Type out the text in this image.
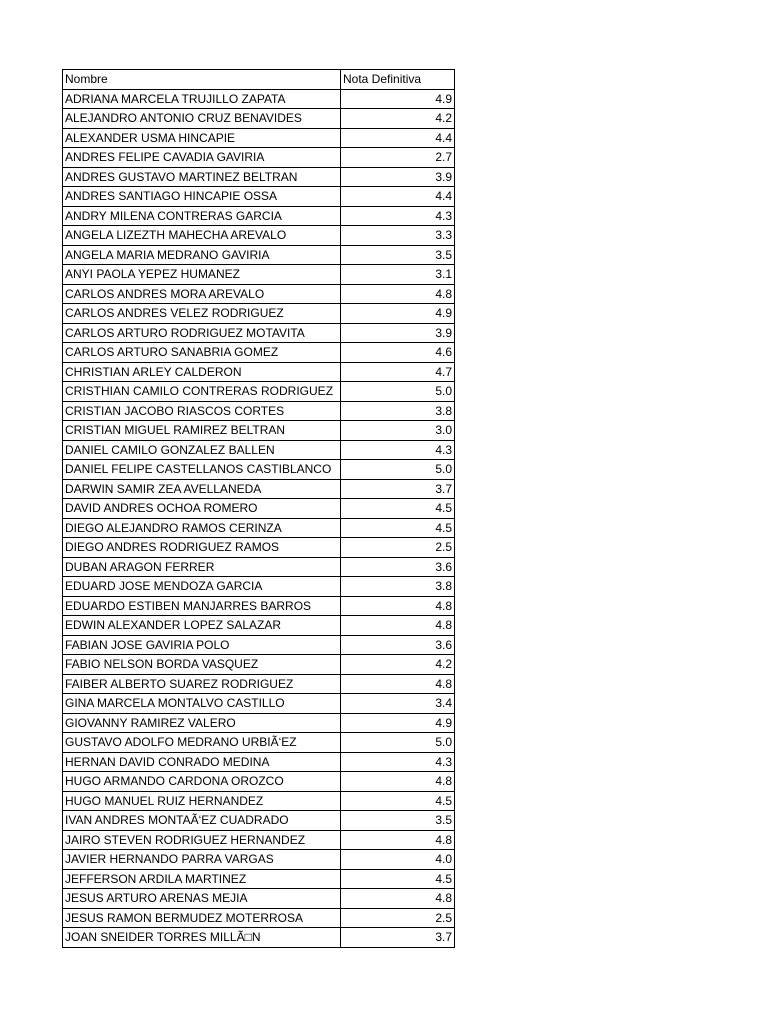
Nombre	Nota Definitiva
ADRIANA MARCELA TRUJILLO ZAPATA	4.9
ALEJANDRO ANTONIO CRUZ BENAVIDES	4.2
ALEXANDER USMA HINCAPIE	4.4
ANDRES FELIPE CAVADIA GAVIRIA	2.7
ANDRES GUSTAVO MARTINEZ BELTRAN	3.9
ANDRES SANTIAGO HINCAPIE OSSA	4.4
ANDRY MILENA CONTRERAS GARCIA	4.3
ANGELA LIZEZTH MAHECHA AREVALO	3.3
ANGELA MARIA MEDRANO GAVIRIA	3.5
ANYI PAOLA YEPEZ HUMANEZ	3.1
CARLOS ANDRES MORA AREVALO	4.8
CARLOS ANDRES VELEZ RODRIGUEZ	4.9
CARLOS ARTURO RODRIGUEZ MOTAVITA	3.9
CARLOS ARTURO SANABRIA GOMEZ	4.6
CHRISTIAN ARLEY CALDERON	4.7
CRISTHIAN CAMILO CONTRERAS RODRIGUEZ	5.0
CRISTIAN JACOBO RIASCOS CORTES	3.8
CRISTIAN MIGUEL RAMIREZ BELTRAN	3.0
DANIEL CAMILO GONZALEZ BALLEN	4.3
DANIEL FELIPE CASTELLANOS CASTIBLANCO	5.0
DARWIN SAMIR ZEA AVELLANEDA	3.7
DAVID ANDRES OCHOA ROMERO	4.5
DIEGO ALEJANDRO RAMOS CERINZA	4.5
DIEGO ANDRES RODRIGUEZ RAMOS	2.5
DUBAN ARAGON FERRER	3.6
EDUARD JOSE MENDOZA GARCIA	3.8
EDUARDO ESTIBEN MANJARRES BARROS	4.8
EDWIN ALEXANDER LOPEZ SALAZAR	4.8
FABIAN JOSE GAVIRIA POLO	3.6
FABIO NELSON BORDA VASQUEZ	4.2
FAIBER ALBERTO SUAREZ RODRIGUEZ	4.8
GINA MARCELA MONTALVO CASTILLO	3.4
GIOVANNY RAMIREZ VALERO	4.9
GUSTAVO ADOLFO MEDRANO URBIÃ‘EZ	5.0
HERNAN DAVID CONRADO MEDINA	4.3
HUGO ARMANDO CARDONA OROZCO	4.8
HUGO MANUEL RUIZ HERNANDEZ	4.5
IVAN ANDRES MONTAÃ‘EZ CUADRADO	3.5
JAIRO STEVEN RODRIGUEZ HERNANDEZ	4.8
JAVIER HERNANDO PARRA VARGAS	4.0
JEFFERSON ARDILA MARTINEZ	4.5
JESUS ARTURO ARENAS MEJIA	4.8
JESUS RAMON BERMUDEZ MOTERROSA	2.5
JOAN SNEIDER TORRES MILLÃ□N	3.7
